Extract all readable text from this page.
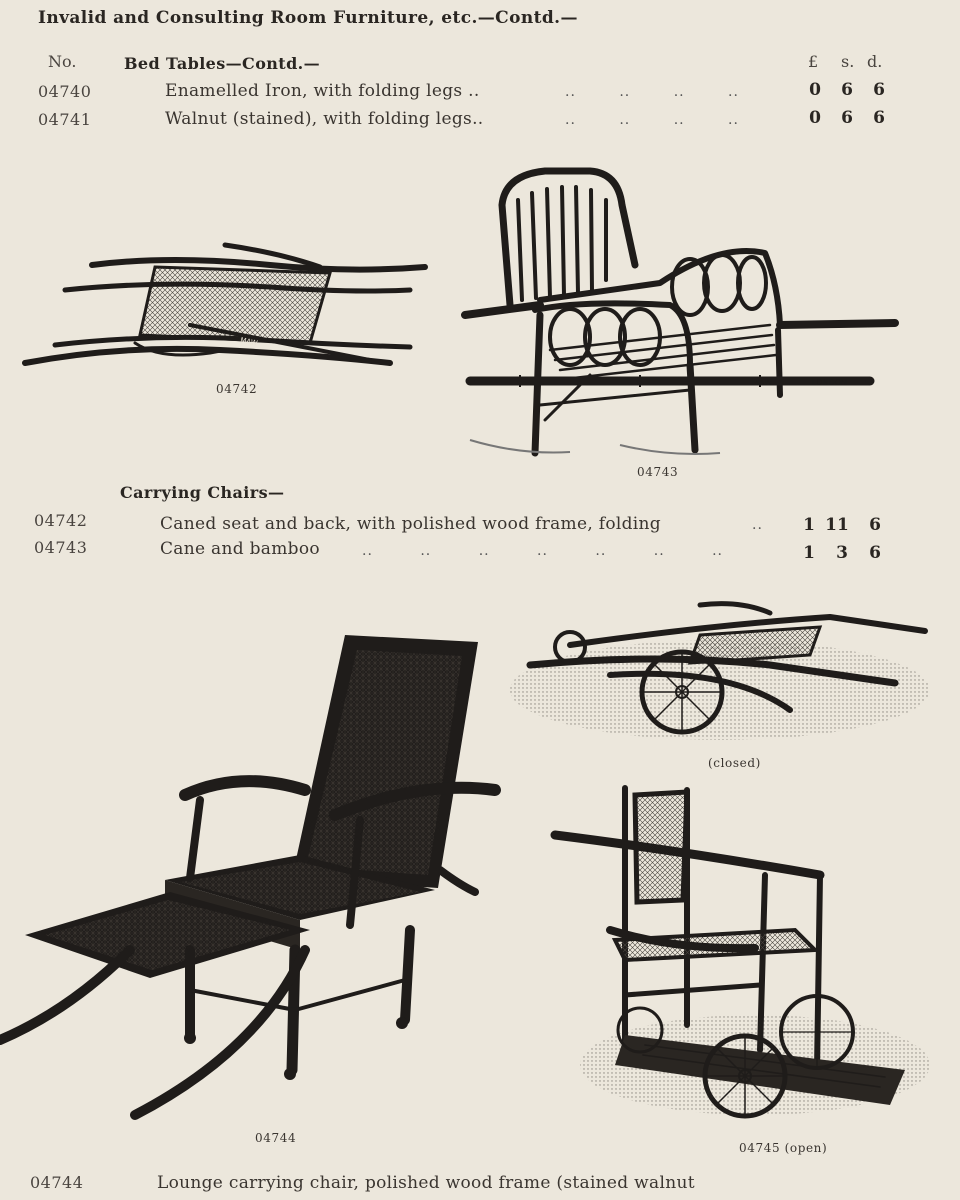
Invalid and Consulting Room Furniture, etc.—Contd.—
No.	Bed Tables—Contd.—	£ s. d.
04740	Enamelled Iron, with folding legs ..	.. .. .. ..	0	6	6
04741	Walnut (stained), with folding legs..	.. .. .. ..	0	6	6
MAW
04742	MAW	LONDON
04743
Carrying Chairs—
04742	Caned seat and back, with polished wood frame, folding	..	1 11	6
04743	Cane and bamboo	.. .. .. .. .. .. ..	1	3	6
(closed)
04744
04745 (open)
04744	Lounge carrying chair, polished wood frame (stained walnut
